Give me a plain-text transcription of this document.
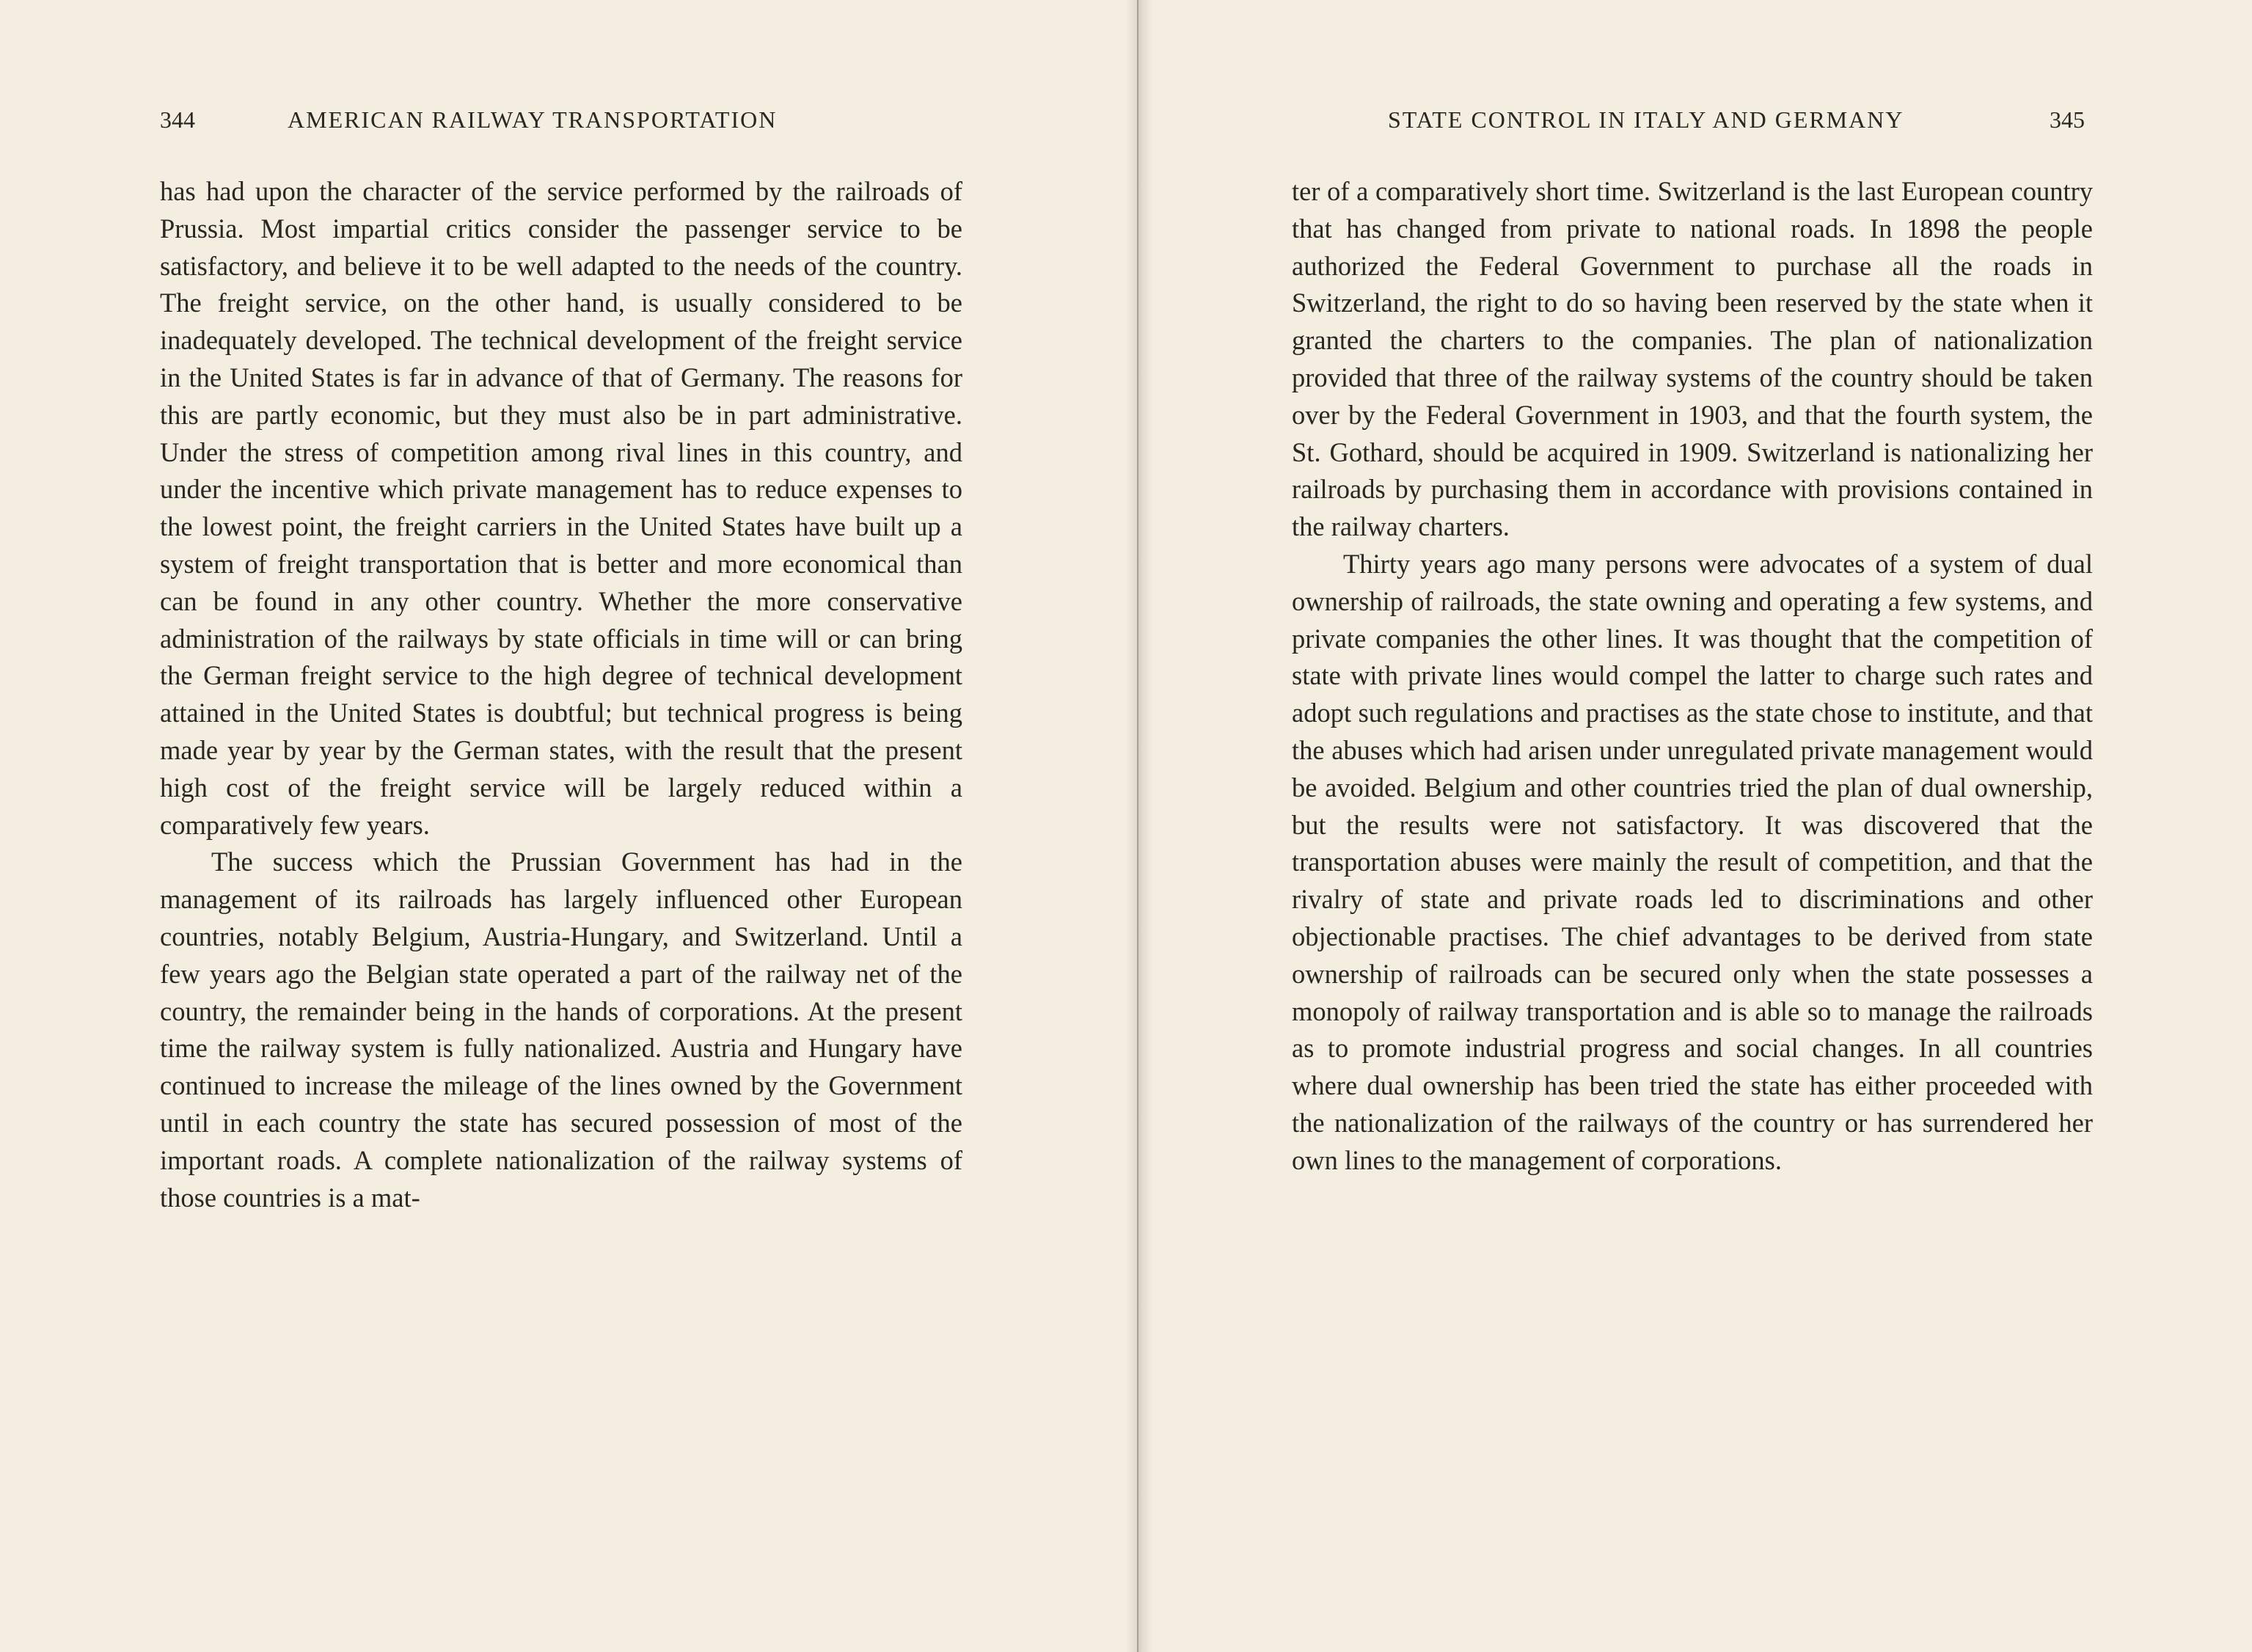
344	AMERICAN RAILWAY TRANSPORTATION

has had upon the character of the service performed by the railroads of Prussia. Most impartial critics consider the passenger service to be satisfactory, and believe it to be well adapted to the needs of the country. The freight service, on the other hand, is usually considered to be inadequately developed. The technical development of the freight service in the United States is far in advance of that of Germany. The reasons for this are partly economic, but they must also be in part administrative. Under the stress of competition among rival lines in this country, and under the incentive which private management has to reduce expenses to the lowest point, the freight carriers in the United States have built up a system of freight transportation that is better and more economical than can be found in any other country. Whether the more conservative administration of the railways by state officials in time will or can bring the German freight service to the high degree of technical development attained in the United States is doubtful; but technical progress is being made year by year by the German states, with the result that the present high cost of the freight service will be largely reduced within a comparatively few years.

The success which the Prussian Government has had in the management of its railroads has largely influenced other European countries, notably Belgium, Austria-Hungary, and Switzerland. Until a few years ago the Belgian state operated a part of the railway net of the country, the remainder being in the hands of corporations. At the present time the railway system is fully nationalized. Austria and Hungary have continued to increase the mileage of the lines owned by the Government until in each country the state has secured possession of most of the important roads. A complete nationalization of the railway systems of those countries is a mat-

STATE CONTROL IN ITALY AND GERMANY	345

ter of a comparatively short time. Switzerland is the last European country that has changed from private to national roads. In 1898 the people authorized the Federal Government to purchase all the roads in Switzerland, the right to do so having been reserved by the state when it granted the charters to the companies. The plan of nationalization provided that three of the railway systems of the country should be taken over by the Federal Government in 1903, and that the fourth system, the St. Gothard, should be acquired in 1909. Switzerland is nationalizing her railroads by purchasing them in accordance with provisions contained in the railway charters.

Thirty years ago many persons were advocates of a system of dual ownership of railroads, the state owning and operating a few systems, and private companies the other lines. It was thought that the competition of state with private lines would compel the latter to charge such rates and adopt such regulations and practises as the state chose to institute, and that the abuses which had arisen under unregulated private management would be avoided. Belgium and other countries tried the plan of dual ownership, but the results were not satisfactory. It was discovered that the transportation abuses were mainly the result of competition, and that the rivalry of state and private roads led to discriminations and other objectionable practises. The chief advantages to be derived from state ownership of railroads can be secured only when the state possesses a monopoly of railway transportation and is able so to manage the railroads as to promote industrial progress and social changes. In all countries where dual ownership has been tried the state has either proceeded with the nationalization of the railways of the country or has surrendered her own lines to the management of corporations.
